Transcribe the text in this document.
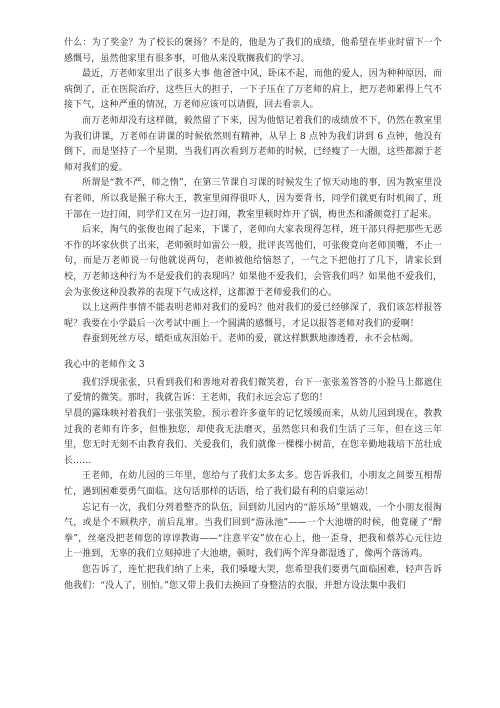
什么：为了奖金？为了校长的褒扬？不是的，他是为了我们的成绩，他希望在毕业时留下一个感慨号，虽然他家里有很多事，可他从来没耽搁我们的学习。

最近，万老师家里出了很多大事 他爸爸中风，卧床不起，而他的爱人，因为种种原因，而病倒了，正在医院治疗，这些巨大的担子，一下子压在了万老师的肩上，把万老师累得上气不接下气，这种严重的情况，万老师应该可以请假，回去看亲人。

而万老师却没有这样做，毅然留了下来，因为他惦记着我们的成绩放不下，仍然在教室里为我们讲课，万老师在讲课的时候依然则有精神，从早上 8 点钟为我们讲到 6 点钟，他没有倒下，而是坚持了一个星期，当我们再次看到万老师的时候，已经瘦了一大圈，这些都源于老师对我们的爱。

所谓是“教不严，师之惰”，在第三节课自习课的时候发生了惊天动地的事，因为教室里没有老师，所以我是猴子称大王，教室里闹得很吓人，因为要背书，同学们就更有时机闹了，班干部在一边打闹，同学们又在另一边打闹，教室里顿时炸开了锅，梅世杰和潘颜竟打了起来。

后来，淘气的张俊也闹了起来，下课了，老师向大家表现得怎样，班干部只得把那些无恶不作的坏家伙供了出来，老师顿时如雷公一般，批评丧骂他们，可张俊竟向老师顶嘴，不止一句，而是万老师说一句他就说两句，老师被他给恼怒了，一气之下把他打了几下，请家长到校，万老师这种行为不是爱我们的表现吗？如果他不爱我们，会管我们吗？如果他不爱我们，会为张俊这种没教养的表现下气成这样，这都源于老师爱我们的心。

以上这两件事情不能表明老师对我们的爱吗？他对我们的爱已经够深了，我们该怎样报答呢？我要在小学最后一次考试中画上一个圆满的感慨号，才足以报答老师对我们的爱啊！

春蚕到死丝方尽，蜡炬成灰泪始干。老师的爱，就这样默默地渗透着，永不会枯竭。

我心中的老师作文 3

我们浮现张张，只看到我们和善地对着我们微笑着，台下一张张羞答答的小脸马上都遮住了爱情的微笑。那时，我就告诉：王老师，我们永远会忘了您的！

早晨的露珠映衬着我们一张张笑脸，预示着许多童年的记忆缓缓而来，从幼儿园到现在，教教过我的老师有许多，但惟独您，却使我无法磨灭，虽然您只和我们生活了三年，但在这三年里，您无时无刻不由教育我们、关爱我们，我们就像一棵棵小树苗，在您辛勤地栽培下茁壮成长……

王老师，在幼儿园的三年里，您给与了我们太多太多。您告诉我们，小朋友之间要互相帮忙，遇到困难要勇气面临。这句话那样的话语，给了我们最有利的启蒙运动！

忘记有一次，我们分列着整齐的队伍，回到幼儿园内的“游乐场”里嬉戏，一个小朋友很淘气，或是个不顾秩序，前后乱窜。当我们回到“游泳池”——一个大池塘的时候，他竟碰了“醉拳”，丝毫没把老师您的谆谆教诲——“注意平安”放在心上，他一歪身，把我和蔡苏心元往边上一推到，无辜的我们立刻掉进了大池塘，顿时，我们两个浑身都湿透了，像两个落汤鸡。

您告诉了，连忙把我们纳了上来，我们嗓嚎大哭，您希望我们要勇气面临困难，轻声告诉他我们：“没人了，别怕。”您又带上我们去换回了身整洁的衣服，并想方设法集中我们
